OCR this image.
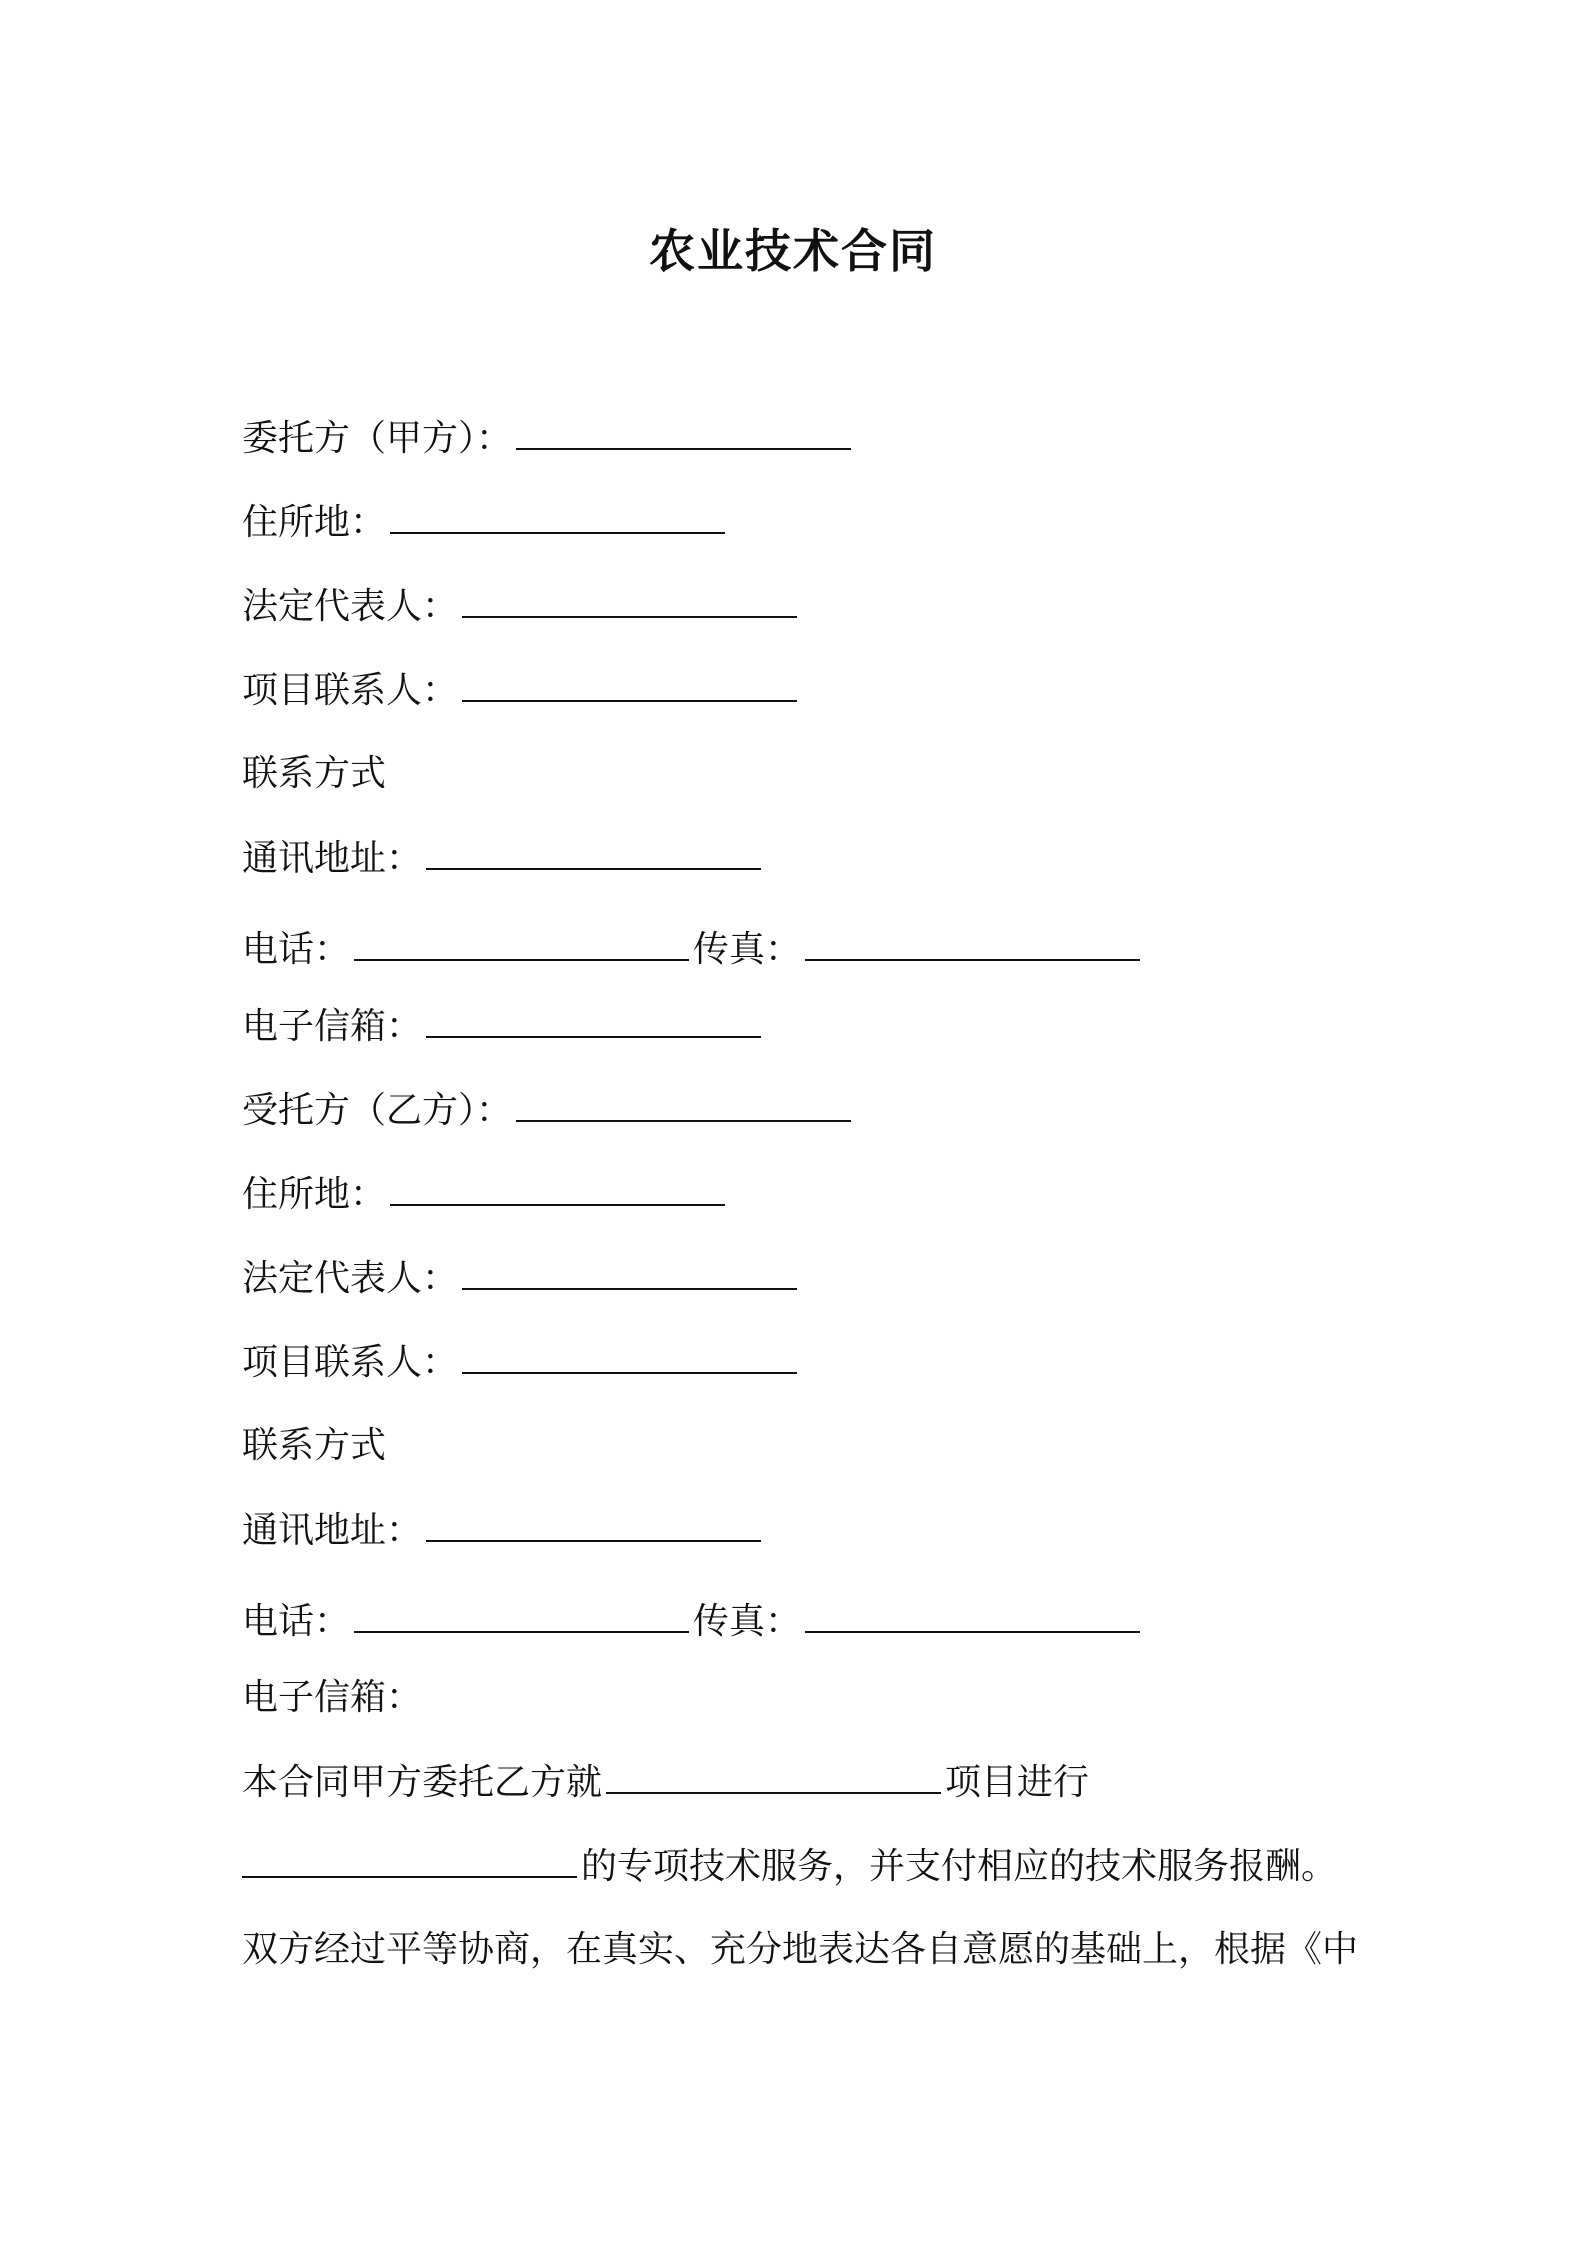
农业技术合同
委托方（甲方）：
住所地：
法定代表人：
项目联系人：
联系方式
通讯地址：
电话：	传真：
电子信箱：
受托方（乙方）：
住所地：
法定代表人：
项目联系人：
联系方式
通讯地址：
电话：	传真：
电子信箱：
本合同甲方委托乙方就	项目进行
的专项技术服务，并支付相应的技术服务报酬。
双方经过平等协商，在真实、充分地表达各自意愿的基础上，根据《中
